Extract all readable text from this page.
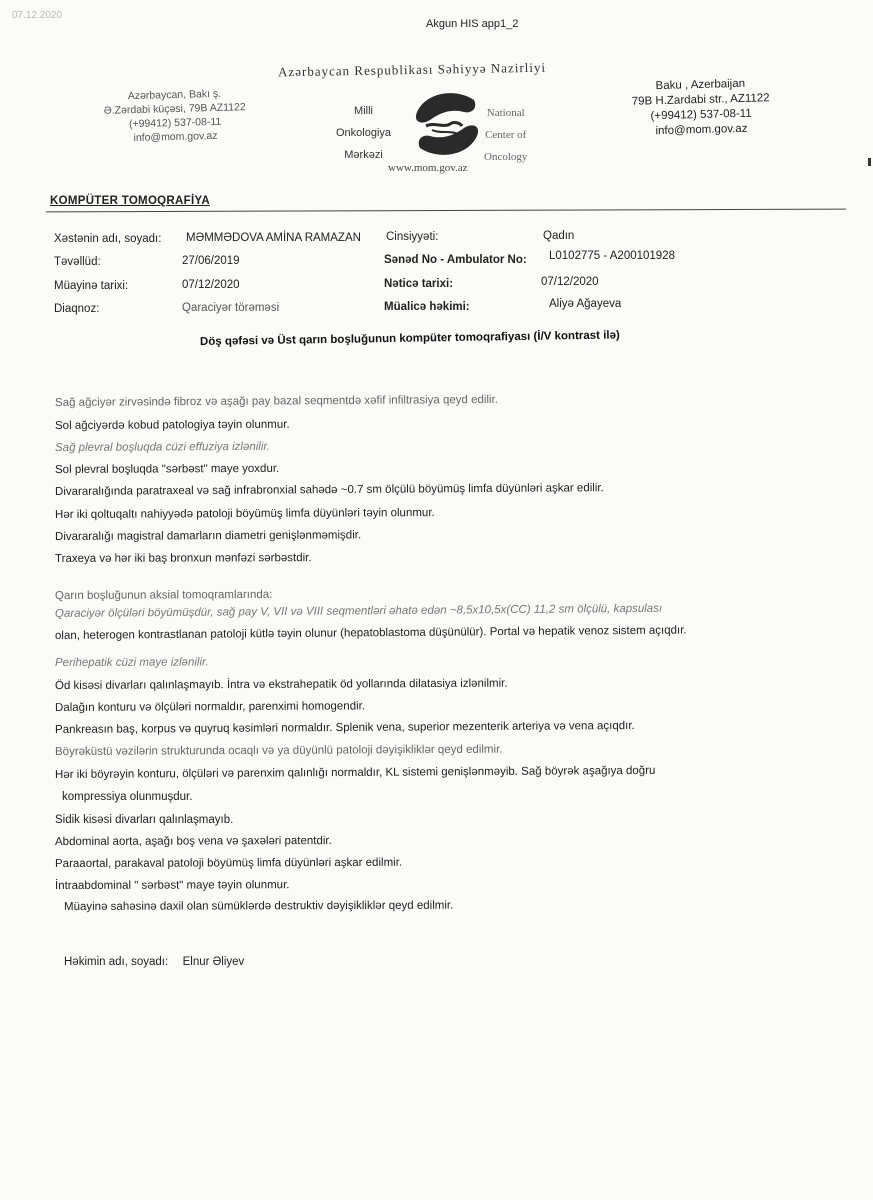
07.12.2020
Akgun HIS app1_2
Azərbaycan Respublikası Səhiyyə Nazirliyi
Azərbaycan, Bakı ş.
Ə.Zərdabi küçəsi, 79B AZ1122
(+99412) 537-08-11
info@mom.gov.az
Milli
Onkologiya
Mərkəzi
National
Center of
Oncology
Baku , Azerbaijan
79B H.Zardabi str., AZ1122
(+99412) 537-08-11
info@mom.gov.az
www.mom.gov.az
KOMPÜTER TOMOQRAFİYA
Xəstənin adı, soyadı: MƏMMƏDOVA AMİNA RAMAZAN Cinsiyyəti:	Qadın
Təvəllüd:	27/06/2019	Sənəd No - Ambulator No: L0102775 - A200101928
Müayinə tarixi:	07/12/2020	Nəticə tarixi:	07/12/2020
Diaqnoz:	Qaraciyər törəməsi	Müalicə həkimi:	Aliyə Ağayeva
Döş qəfəsi və Üst qarın boşluğunun kompüter tomoqrafiyası (İ/V kontrast ilə)
Sağ ağciyər zirvəsində fibroz və aşağı pay bazal seqmentdə xəfif infiltrasiya qeyd edilir.
Sol ağciyərdə kobud patologiya təyin olunmur.
Sağ plevral boşluqda cüzi effuziya izlənilir.
Sol plevral boşluqda "sərbəst" maye yoxdur.
Divararalığında paratraxeal və sağ infrabronxial sahədə ~0.7 sm ölçülü böyümüş limfa düyünləri aşkar edilir.
Hər iki qoltuqaltı nahiyyədə patoloji böyümüş limfa düyünləri təyin olunmur.
Divararalığı magistral damarların diametri genişlənməmişdir.
Traxeya və hər iki baş bronxun mənfəzi sərbəstdir.
Qarın boşluğunun aksial tomoqramlarında:
Qaraciyər ölçüləri böyümüşdür, sağ pay V, VII və VIII seqmentləri əhatə edən ~8,5x10,5x(CC) 11,2 sm ölçülü, kapsulası
olan, heterogen kontrastlanan patoloji kütlə təyin olunur (hepatoblastoma düşünülür). Portal və hepatik venoz sistem açıqdır.
Perihepatik cüzi maye izlənilir.
Öd kisəsi divarları qalınlaşmayıb. İntra və ekstrahepatik öd yollarında dilatasiya izlənilmir.
Dalağın konturu və ölçüləri normaldır, parenximi homogendir.
Pankreasın baş, korpus və quyruq kəsimləri normaldır. Splenik vena, superior mezenterik arteriya və vena açıqdır.
Böyrəküstü vəzilərin strukturunda ocaqlı və ya düyünlü patoloji dəyişikliklər qeyd edilmir.
Hər iki böyrəyin konturu, ölçüləri və parenxim qalınlığı normaldır, KL sistemi genişlənməyib. Sağ böyrək aşağıya doğru
kompressiya olunmuşdur.
Sidik kisəsi divarları qalınlaşmayıb.
Abdominal aorta, aşağı boş vena və şaxələri patentdir.
Paraaortal, parakaval patoloji böyümüş limfa düyünləri aşkar edilmir.
İntraabdominal " sərbəst" maye təyin olunmur.
Müayinə sahəsinə daxil olan sümüklərdə destruktiv dəyişikliklər qeyd edilmir.
Həkimin adı, soyadı: Elnur Əliyev
